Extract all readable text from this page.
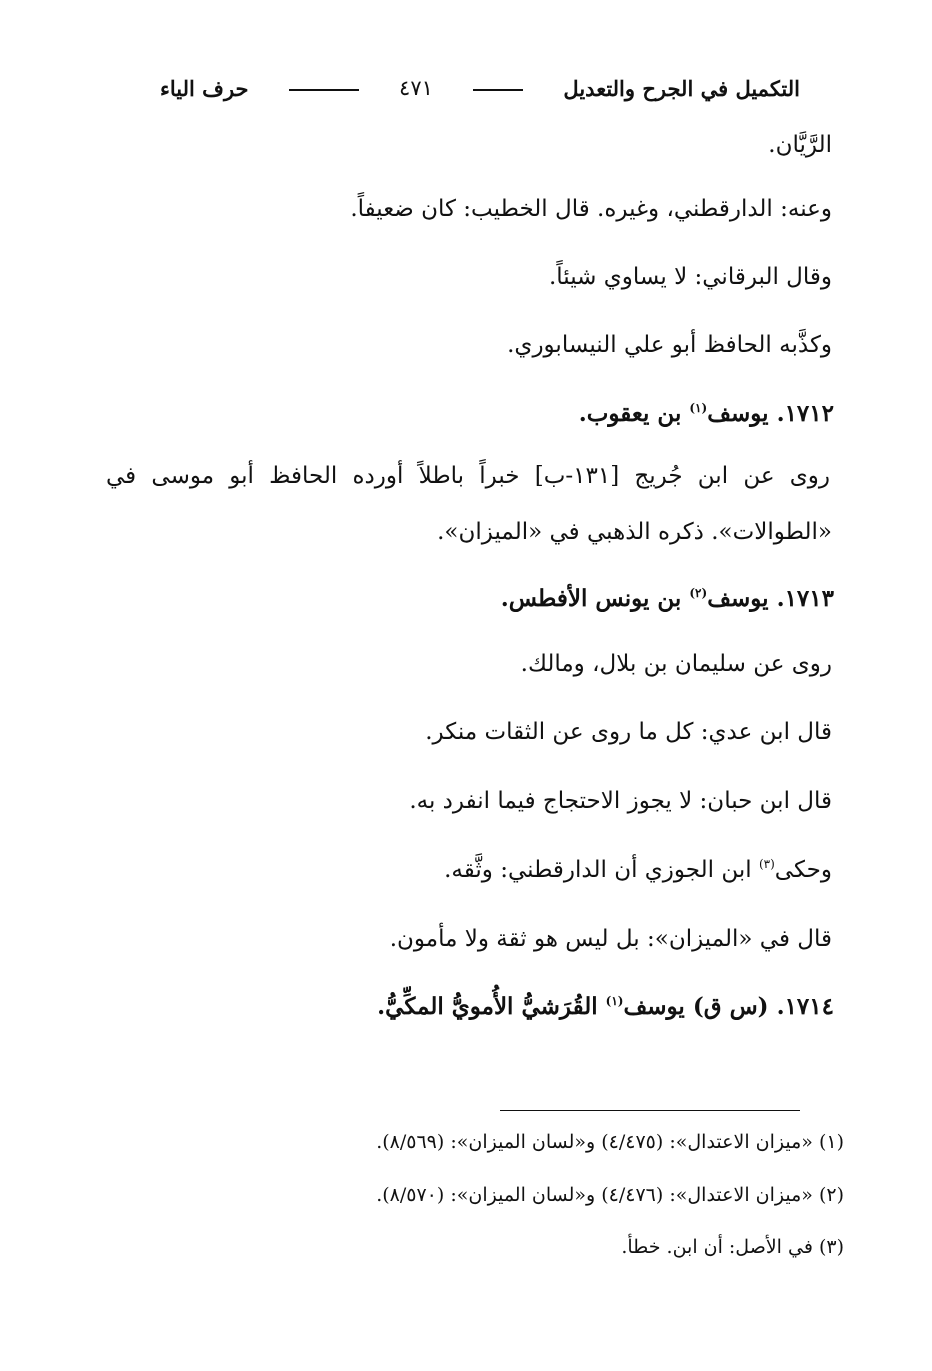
التكميل في الجرح والتعديل
٤٧١
حرف الياء
الرَّيَّان.
وعنه: الدارقطني، وغيره. قال الخطيب: كان ضعيفاً.
وقال البرقاني: لا يساوي شيئاً.
وكذَّبه الحافظ أبو علي النيسابوري.
١٧١٢. يوسف$^{(١)}$ بن يعقوب.
روى عن ابن جُريج [١٣١-ب] خبراً باطلاً أورده الحافظ أبو موسى في
«الطوالات». ذكره الذهبي في «الميزان».
١٧١٣. يوسف$^{(٢)}$ بن يونس الأفطس.
روى عن سليمان بن بلال، ومالك.
قال ابن عدي: كل ما روى عن الثقات منكر.
قال ابن حبان: لا يجوز الاحتجاج فيما انفرد به.
وحكى$^{(٣)}$ ابن الجوزي أن الدارقطني: وثَّقه.
قال في «الميزان»: بل ليس هو ثقة ولا مأمون.
١٧١٤. (س ق) يوسف$^{(١)}$ القُرَشيُّ الأُمويُّ المكِّيُّ.
(١) «ميزان الاعتدال»: (٤/٤٧٥) و«لسان الميزان»: (٨/٥٦٩).
(٢) «ميزان الاعتدال»: (٤/٤٧٦) و«لسان الميزان»: (٨/٥٧٠).
(٣) في الأصل: أن ابن. خطأ.
